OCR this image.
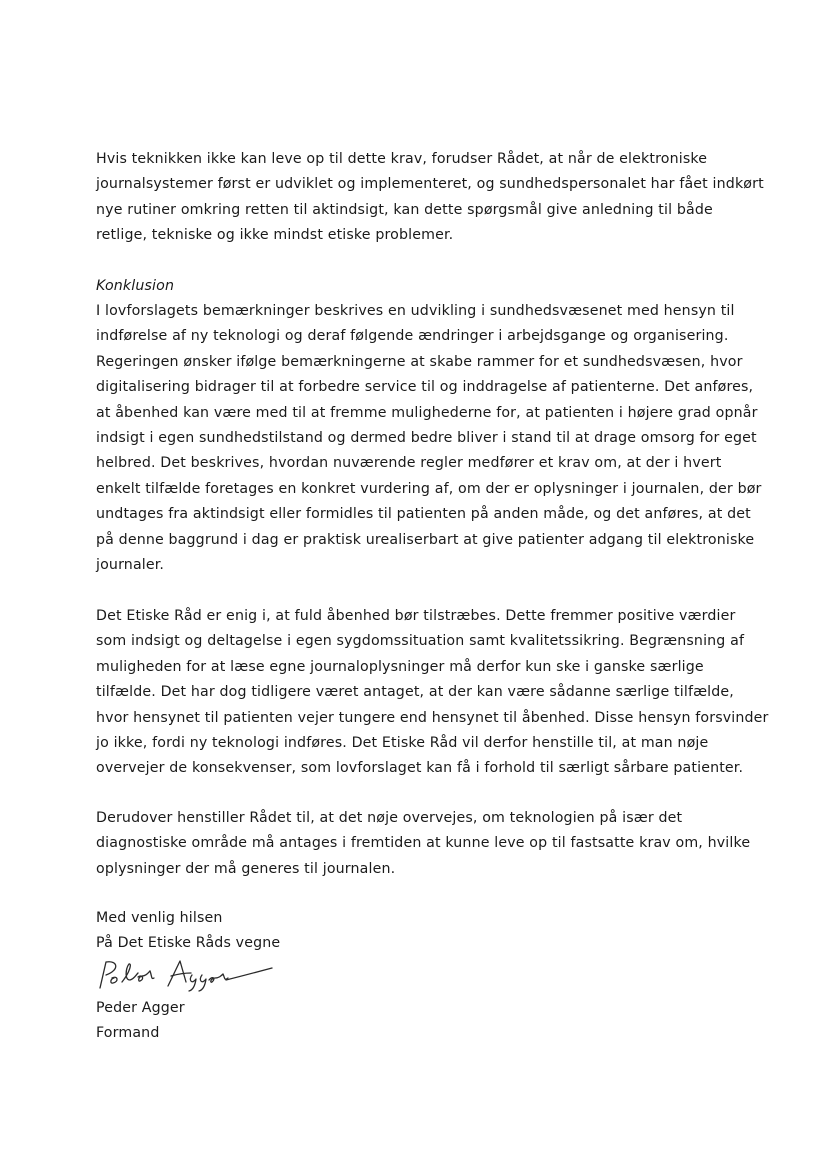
Hvis teknikken ikke kan leve op til dette krav, forudser Rådet, at når de elektroniske
journalsystemer først er udviklet og implementeret, og sundhedspersonalet har fået indkørt
nye rutiner omkring retten til aktindsigt, kan dette spørgsmål give anledning til både
retlige, tekniske og ikke mindst etiske problemer.

Konklusion

I lovforslagets bemærkninger beskrives en udvikling i sundhedsvæsenet med hensyn til
indførelse af ny teknologi og deraf følgende ændringer i arbejdsgange og organisering.
Regeringen ønsker ifølge bemærkningerne at skabe rammer for et sundhedsvæsen, hvor
digitalisering bidrager til at forbedre service til og inddragelse af patienterne. Det anføres,
at åbenhed kan være med til at fremme mulighederne for, at patienten i højere grad opnår
indsigt i egen sundhedstilstand og dermed bedre bliver i stand til at drage omsorg for eget
helbred. Det beskrives, hvordan nuværende regler medfører et krav om, at der i hvert
enkelt tilfælde foretages en konkret vurdering af, om der er oplysninger i journalen, der bør
undtages fra aktindsigt eller formidles til patienten på anden måde, og det anføres, at det
på denne baggrund i dag er praktisk urealiserbart at give patienter adgang til elektroniske
journaler.

Det Etiske Råd er enig i, at fuld åbenhed bør tilstræbes. Dette fremmer positive værdier
som indsigt og deltagelse i egen sygdomssituation samt kvalitetssikring. Begrænsning af
muligheden for at læse egne journaloplysninger må derfor kun ske i ganske særlige
tilfælde. Det har dog tidligere været antaget, at der kan være sådanne særlige tilfælde,
hvor hensynet til patienten vejer tungere end hensynet til åbenhed. Disse hensyn forsvinder
jo ikke, fordi ny teknologi indføres. Det Etiske Råd vil derfor henstille til, at man nøje
overvejer de konsekvenser, som lovforslaget kan få i forhold til særligt sårbare patienter.

Derudover henstiller Rådet til, at det nøje overvejes, om teknologien på især det
diagnostiske område må antages i fremtiden at kunne leve op til fastsatte krav om, hvilke
oplysninger der må generes til journalen.

Med venlig hilsen
På Det Etiske Råds vegne

Peder Agger
Formand
